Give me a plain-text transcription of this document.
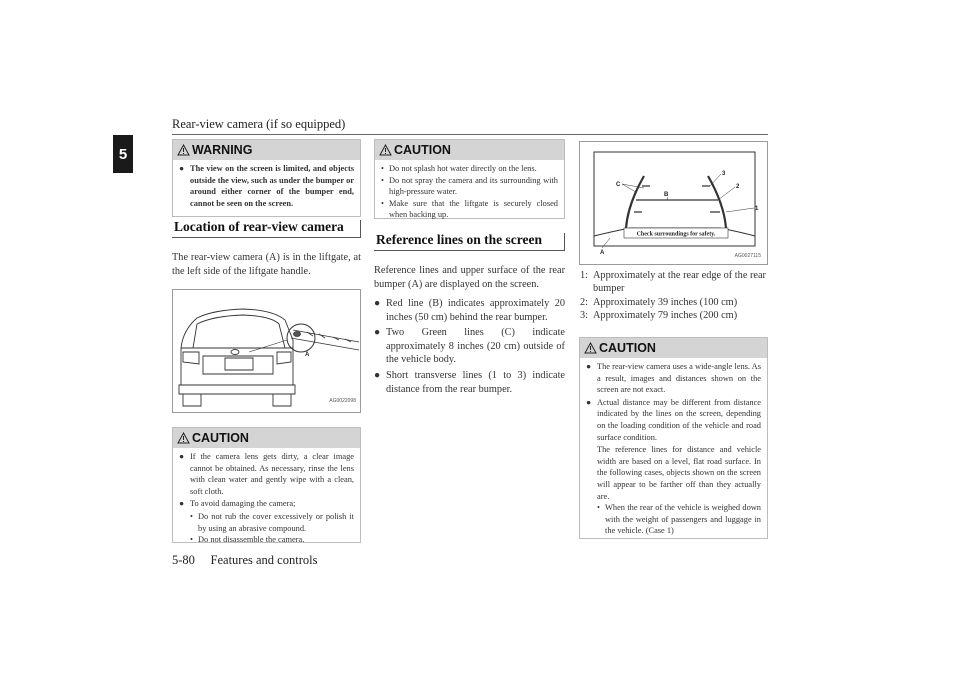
Rear-view camera (if so equipped)
5	WARNING
● The view on the screen is limited, and objects outside the view, such as under the bumper or around either corner of the bumper end, cannot be seen on the screen.
Location of rear-view camera
The rear-view camera (A) is in the liftgate, at the left side of the liftgate handle.
A
AG0022098
CAUTION
● If the camera lens gets dirty, a clear image cannot be obtained. As necessary, rinse the lens with clean water and gently wipe with a clean, soft cloth.
● To avoid damaging the camera;
• Do not rub the cover excessively or polish it by using an abrasive compound.
• Do not disassemble the camera.
CAUTION
• Do not splash hot water directly on the lens.
• Do not spray the camera and its surrounding with high-pressure water.
• Make sure that the liftgate is securely closed when backing up.
Reference lines on the screen
Reference lines and upper surface of the rear bumper (A) are displayed on the screen.
● Red line (B) indicates approximately 20 inches (50 cm) behind the rear bumper.
● Two Green lines (C) indicate approximately 8 inches (20 cm) outside of the vehicle body.
● Short transverse lines (1 to 3) indicate distance from the rear bumper.
Check surroundings for safety.
C
B
A
1
2
3
AG0027115
1: Approximately at the rear edge of the rear bumper
2: Approximately 39 inches (100 cm)
3: Approximately 79 inches (200 cm)
CAUTION
● The rear-view camera uses a wide-angle lens. As a result, images and distances shown on the screen are not exact.
● Actual distance may be different from distance indicated by the lines on the screen, depending on the loading condition of the vehicle and road surface condition.
The reference lines for distance and vehicle width are based on a level, flat road surface. In the following cases, objects shown on the screen will appear to be farther off than they actually are.
• When the rear of the vehicle is weighed down with the weight of passengers and luggage in the vehicle. (Case 1)
5-80     Features and controls
